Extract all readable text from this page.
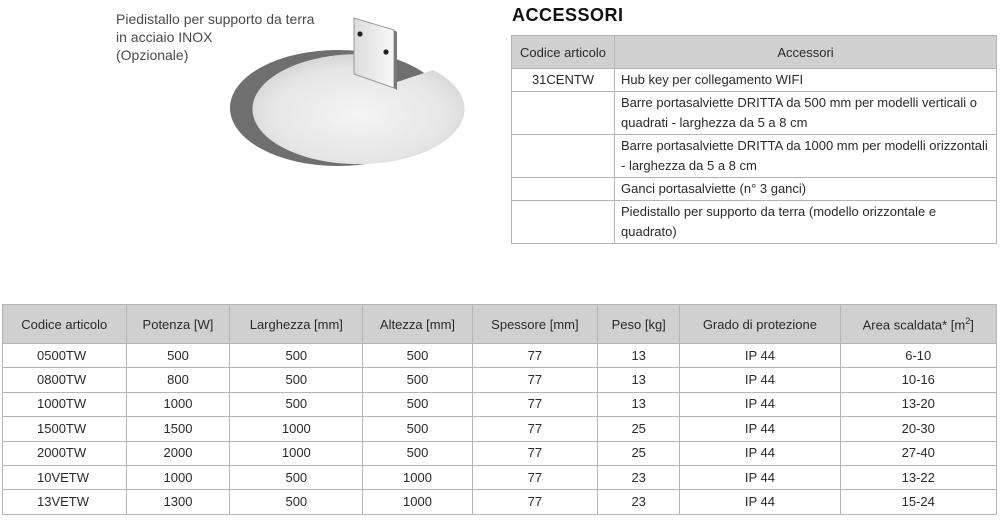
Piedistallo per supporto da terra
in acciaio INOX
(Opzionale)
ACCESSORI
Codice articolo	Accessori
31CENTW	Hub key per collegamento WIFI
	Barre portasalviette DRITTA da 500 mm per modelli verticali o quadrati - larghezza da 5 a 8 cm
	Barre portasalviette DRITTA da 1000 mm per modelli orizzontali - larghezza da 5 a 8 cm
	Ganci portasalviette (n° 3 ganci)
	Piedistallo per supporto da terra (modello orizzontale e quadrato)
Codice articolo	Potenza [W]	Larghezza [mm]	Altezza [mm]	Spessore [mm]	Peso [kg]	Grado di protezione	Area scaldata* $[m^2]$
0500TW	500	500	500	77	13	IP 44	6-10
0800TW	800	500	500	77	13	IP 44	10-16
1000TW	1000	500	500	77	13	IP 44	13-20
1500TW	1500	1000	500	77	25	IP 44	20-30
2000TW	2000	1000	500	77	25	IP 44	27-40
10VETW	1000	500	1000	77	23	IP 44	13-22
13VETW	1300	500	1000	77	23	IP 44	15-24
